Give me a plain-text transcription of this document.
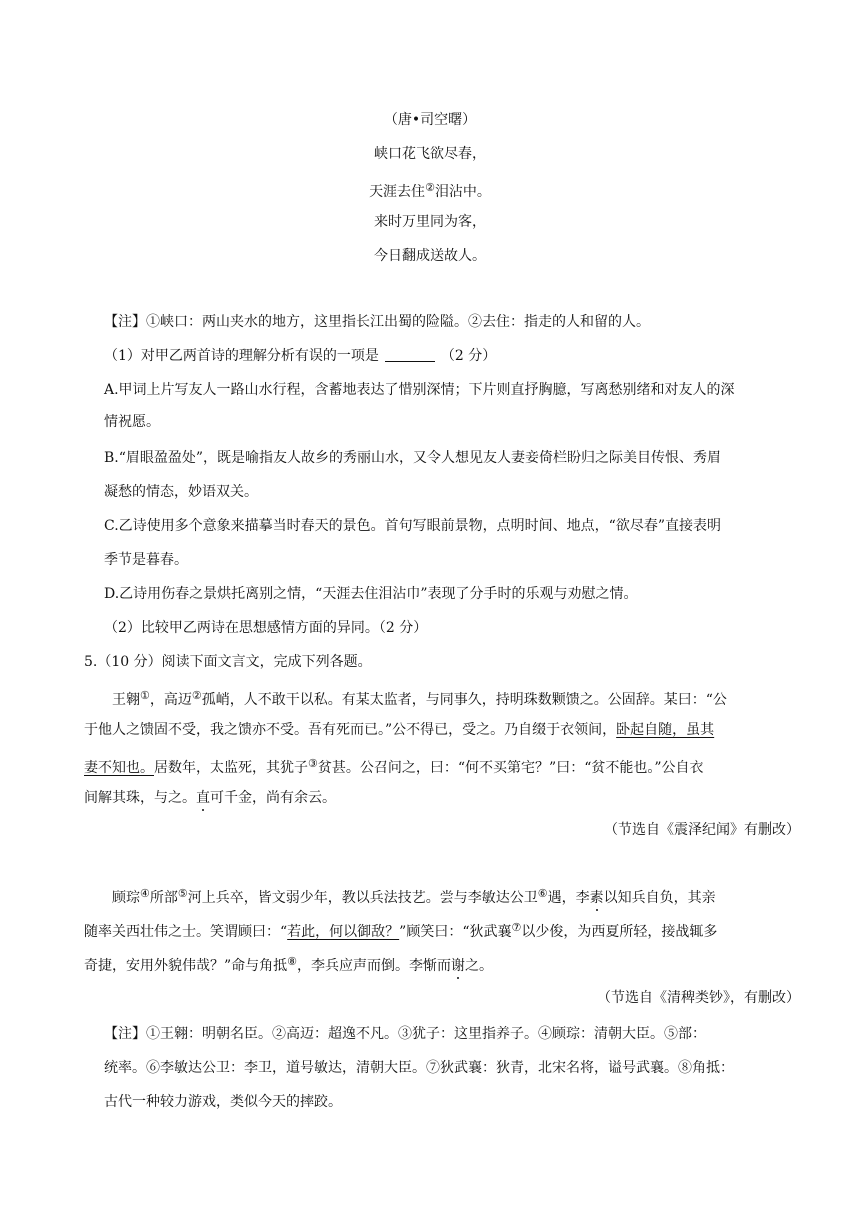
（唐•司空曙）
峡口花飞欲尽春，
天涯去住②泪沾中。
来时万里同为客，
今日翻成送故人。
【注】①峡口：两山夹水的地方，这里指长江出蜀的险隘。②去住：指走的人和留的人。
（1）对甲乙两首诗的理解分析有误的一项是	（2 分）
A.甲词上片写友人一路山水行程，含蓄地表达了惜别深情；下片则直抒胸臆，写离愁别绪和对友人的深
情祝愿。
B.“眉眼盈盈处”，既是喻指友人故乡的秀丽山水，又令人想见友人妻妾倚栏盼归之际美目传恨、秀眉
凝愁的情态，妙语双关。
C.乙诗使用多个意象来描摹当时春天的景色。首句写眼前景物，点明时间、地点，“欲尽春”直接表明
季节是暮春。
D.乙诗用伤春之景烘托离别之情，“天涯去住泪沾巾”表现了分手时的乐观与劝慰之情。
（2）比较甲乙两诗在思想感情方面的异同。（2 分）
5.（10 分）阅读下面文言文，完成下列各题。
王翱①，高迈②孤峭，人不敢干以私。有某太监者，与同事久，持明珠数颗馈之。公固辞。某曰：“公
于他人之馈固不受，我之馈亦不受。吾有死而已。”公不得已，受之。乃自缀于衣领间，卧起自随，虽其
妻不知也。居数年，太监死，其犹子③贫甚。公召问之，曰：“何不买第宅？”曰：“贫不能也。”公自衣
间解其珠，与之。直可千金，尚有余云。
（节选自《震泽纪闻》有删改）
顾琮④所部⑤河上兵卒，皆文弱少年，教以兵法技艺。尝与李敏达公卫⑥遇，李素以知兵自负，其亲
随率关西壮伟之士。笑谓顾曰：“若此，何以御敌？”顾笑曰：“狄武襄⑦以少俊，为西夏所轻，接战辄多
奇捷，安用外貌伟哉？”命与角抵⑧，李兵应声而倒。李惭而谢之。
（节选自《清稗类钞》，有删改）
【注】①王翱：明朝名臣。②高迈：超逸不凡。③犹子：这里指养子。④顾琮：清朝大臣。⑤部：
统率。⑥李敏达公卫：李卫，道号敏达，清朝大臣。⑦狄武襄：狄青，北宋名将，谥号武襄。⑧角抵：
古代一种较力游戏，类似今天的摔跤。
